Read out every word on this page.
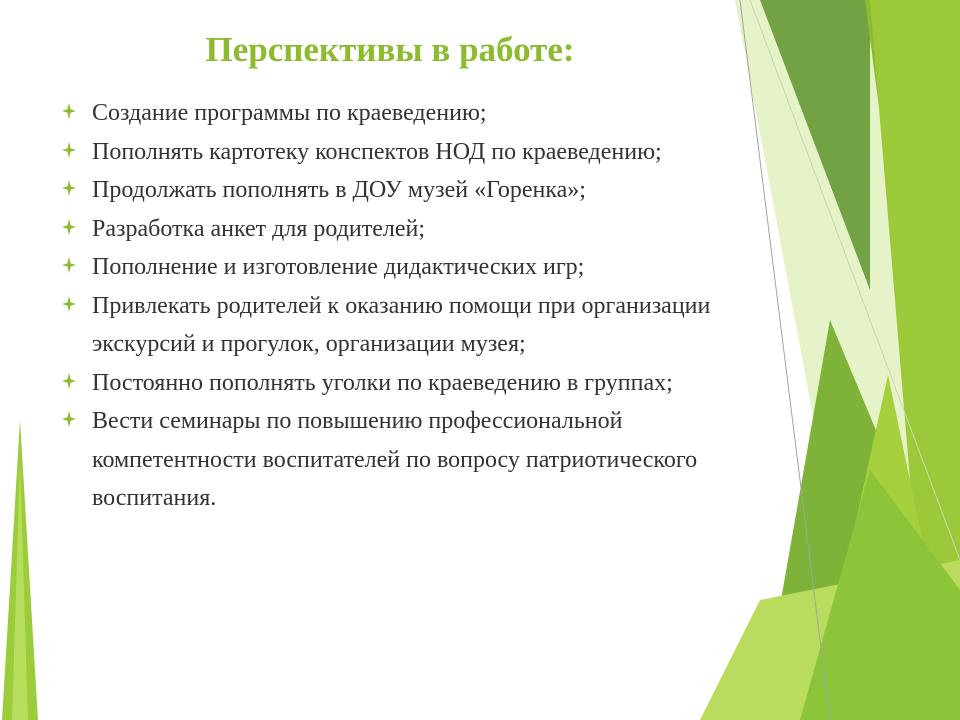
Перспективы в работе:
Создание программы по краеведению;
Пополнять картотеку конспектов НОД по краеведению;
Продолжать пополнять в ДОУ музей «Горенка»;
Разработка анкет для родителей;
Пополнение и изготовление дидактических игр;
Привлекать родителей к оказанию помощи при организации экскурсий и прогулок, организации музея;
Постоянно пополнять уголки по краеведению в группах;
Вести семинары по повышению профессиональной компетентности воспитателей по вопросу патриотического воспитания.
